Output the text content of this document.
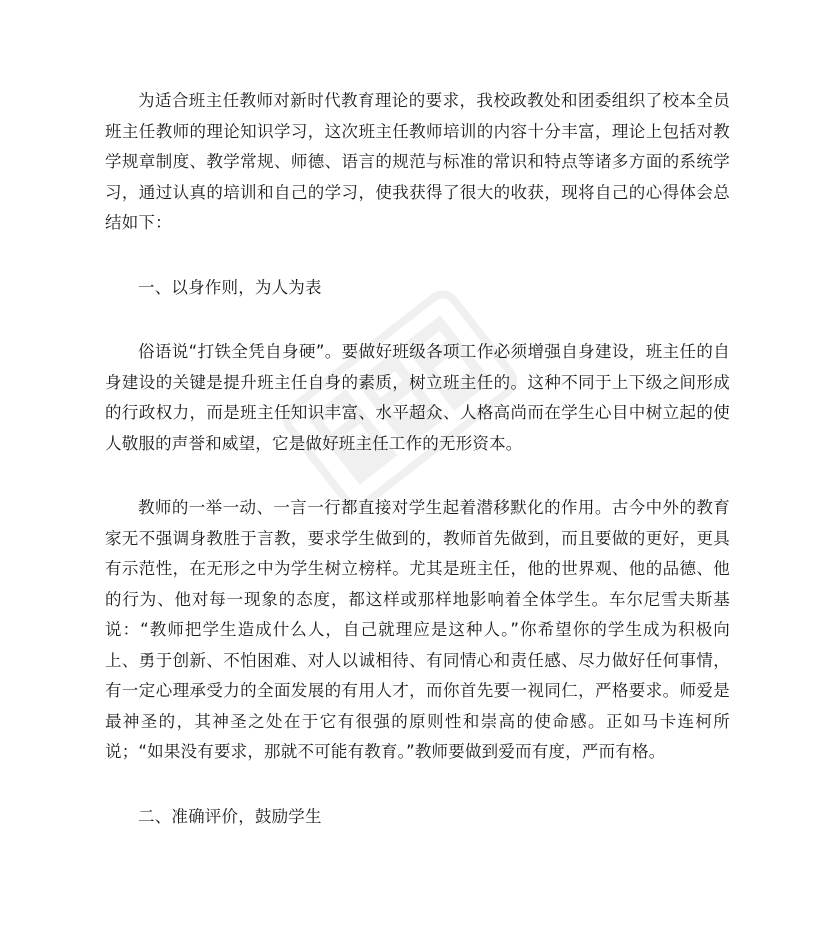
为适合班主任教师对新时代教育理论的要求，我校政教处和团委组织了校本全员班主任教师的理论知识学习，这次班主任教师培训的内容十分丰富，理论上包括对教学规章制度、教学常规、师德、语言的规范与标准的常识和特点等诸多方面的系统学习，通过认真的培训和自己的学习，使我获得了很大的收获，现将自己的心得体会总结如下：

一、以身作则，为人为表

俗语说“打铁全凭自身硬”。要做好班级各项工作必须增强自身建设，班主任的自身建设的关键是提升班主任自身的素质，树立班主任的。这种不同于上下级之间形成的行政权力，而是班主任知识丰富、水平超众、人格高尚而在学生心目中树立起的使人敬服的声誉和威望，它是做好班主任工作的无形资本。

教师的一举一动、一言一行都直接对学生起着潜移默化的作用。古今中外的教育家无不强调身教胜于言教，要求学生做到的，教师首先做到，而且要做的更好，更具有示范性，在无形之中为学生树立榜样。尤其是班主任，他的世界观、他的品德、他的行为、他对每一现象的态度，都这样或那样地影响着全体学生。车尔尼雪夫斯基说：“教师把学生造成什么人，自己就理应是这种人。”你希望你的学生成为积极向上、勇于创新、不怕困难、对人以诚相待、有同情心和责任感、尽力做好任何事情，有一定心理承受力的全面发展的有用人才，而你首先要一视同仁，严格要求。师爱是最神圣的，其神圣之处在于它有很强的原则性和崇高的使命感。正如马卡连柯所说；“如果没有要求，那就不可能有教育。”教师要做到爱而有度，严而有格。

二、准确评价，鼓励学生
